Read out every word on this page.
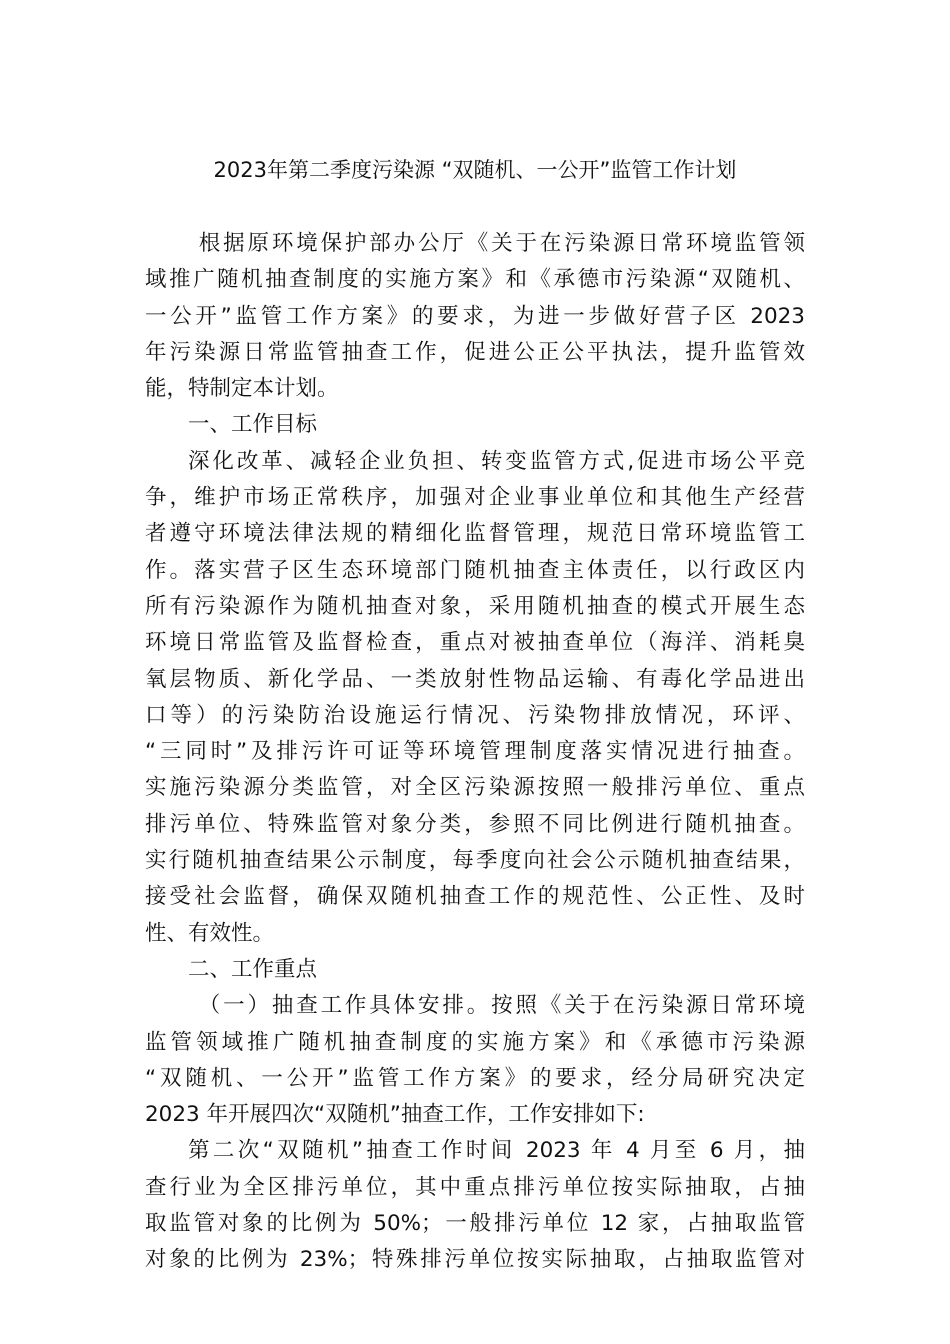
2023年第二季度污染源 “双随机、一公开”监管工作计划
根据原环境保护部办公厅《关于在污染源日常环境监管领
域推广随机抽查制度的实施方案》和《承德市污染源“双随机、
一公开”监管工作方案》的要求，为进一步做好营子区 2023
年污染源日常监管抽查工作，促进公正公平执法，提升监管效
能，特制定本计划。
一、工作目标
深化改革、减轻企业负担、转变监管方式,促进市场公平竞
争，维护市场正常秩序，加强对企业事业单位和其他生产经营
者遵守环境法律法规的精细化监督管理，规范日常环境监管工
作。落实营子区生态环境部门随机抽查主体责任，以行政区内
所有污染源作为随机抽查对象，采用随机抽查的模式开展生态
环境日常监管及监督检查，重点对被抽查单位（海洋、消耗臭
氧层物质、新化学品、一类放射性物品运输、有毒化学品进出
口等）的污染防治设施运行情况、污染物排放情况，环评、
“三同时”及排污许可证等环境管理制度落实情况进行抽查。
实施污染源分类监管，对全区污染源按照一般排污单位、重点
排污单位、特殊监管对象分类，参照不同比例进行随机抽查。
实行随机抽查结果公示制度，每季度向社会公示随机抽查结果，
接受社会监督，确保双随机抽查工作的规范性、公正性、及时
性、有效性。
二、工作重点
（一）抽查工作具体安排。按照《关于在污染源日常环境
监管领域推广随机抽查制度的实施方案》和《承德市污染源
“双随机、一公开”监管工作方案》的要求，经分局研究决定
2023 年开展四次“双随机”抽查工作，工作安排如下:
第二次“双随机”抽查工作时间 2023 年 4 月至 6 月，抽
查行业为全区排污单位，其中重点排污单位按实际抽取，占抽
取监管对象的比例为 50%；一般排污单位 12 家，占抽取监管
对象的比例为 23%；特殊排污单位按实际抽取，占抽取监管对
